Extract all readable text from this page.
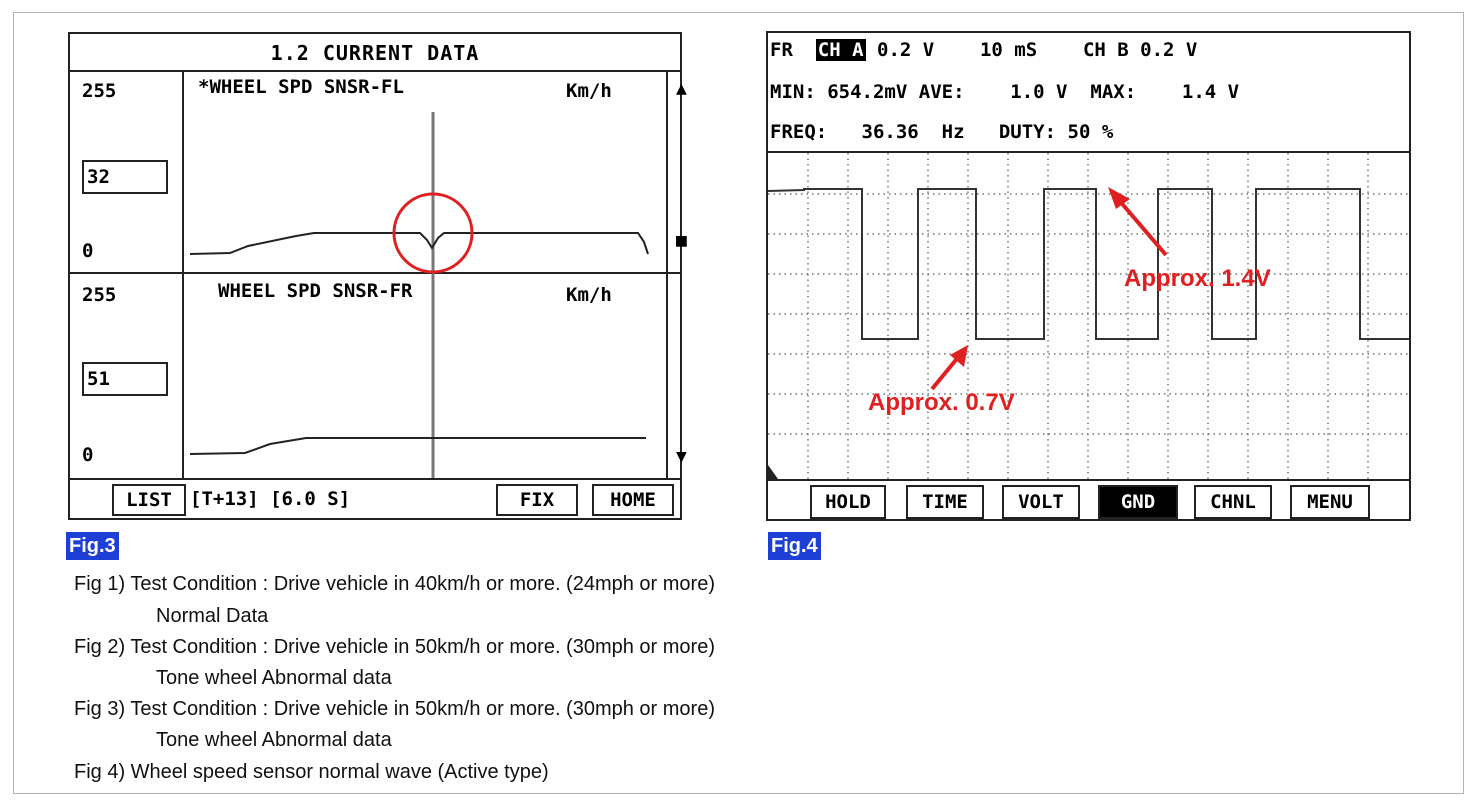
1.2 CURRENT DATA
255
32
0
*WHEEL SPD SNSR-FL	Km/h
255
51
0
WHEEL SPD SNSR-FR	Km/h
▲
■
▼
LIST [T+13] [6.0 S]	FIX	HOME
FR CH A 0.2 V 10 mS CH B 0.2 V
MIN: 654.2mV AVE: 1.0 V MAX: 1.4 V
FREQ: 36.36 Hz DUTY: 50 %
Approx. 1.4V
Approx. 0.7V
HOLD	TIME	VOLT	GND	CHNL	MENU
Fig.3	Fig.4
Fig 1) Test Condition : Drive vehicle in 40km/h or more. (24mph or more)
Normal Data
Fig 2) Test Condition : Drive vehicle in 50km/h or more. (30mph or more)
Tone wheel Abnormal data
Fig 3) Test Condition : Drive vehicle in 50km/h or more. (30mph or more)
Tone wheel Abnormal data
Fig 4) Wheel speed sensor normal wave (Active type)
